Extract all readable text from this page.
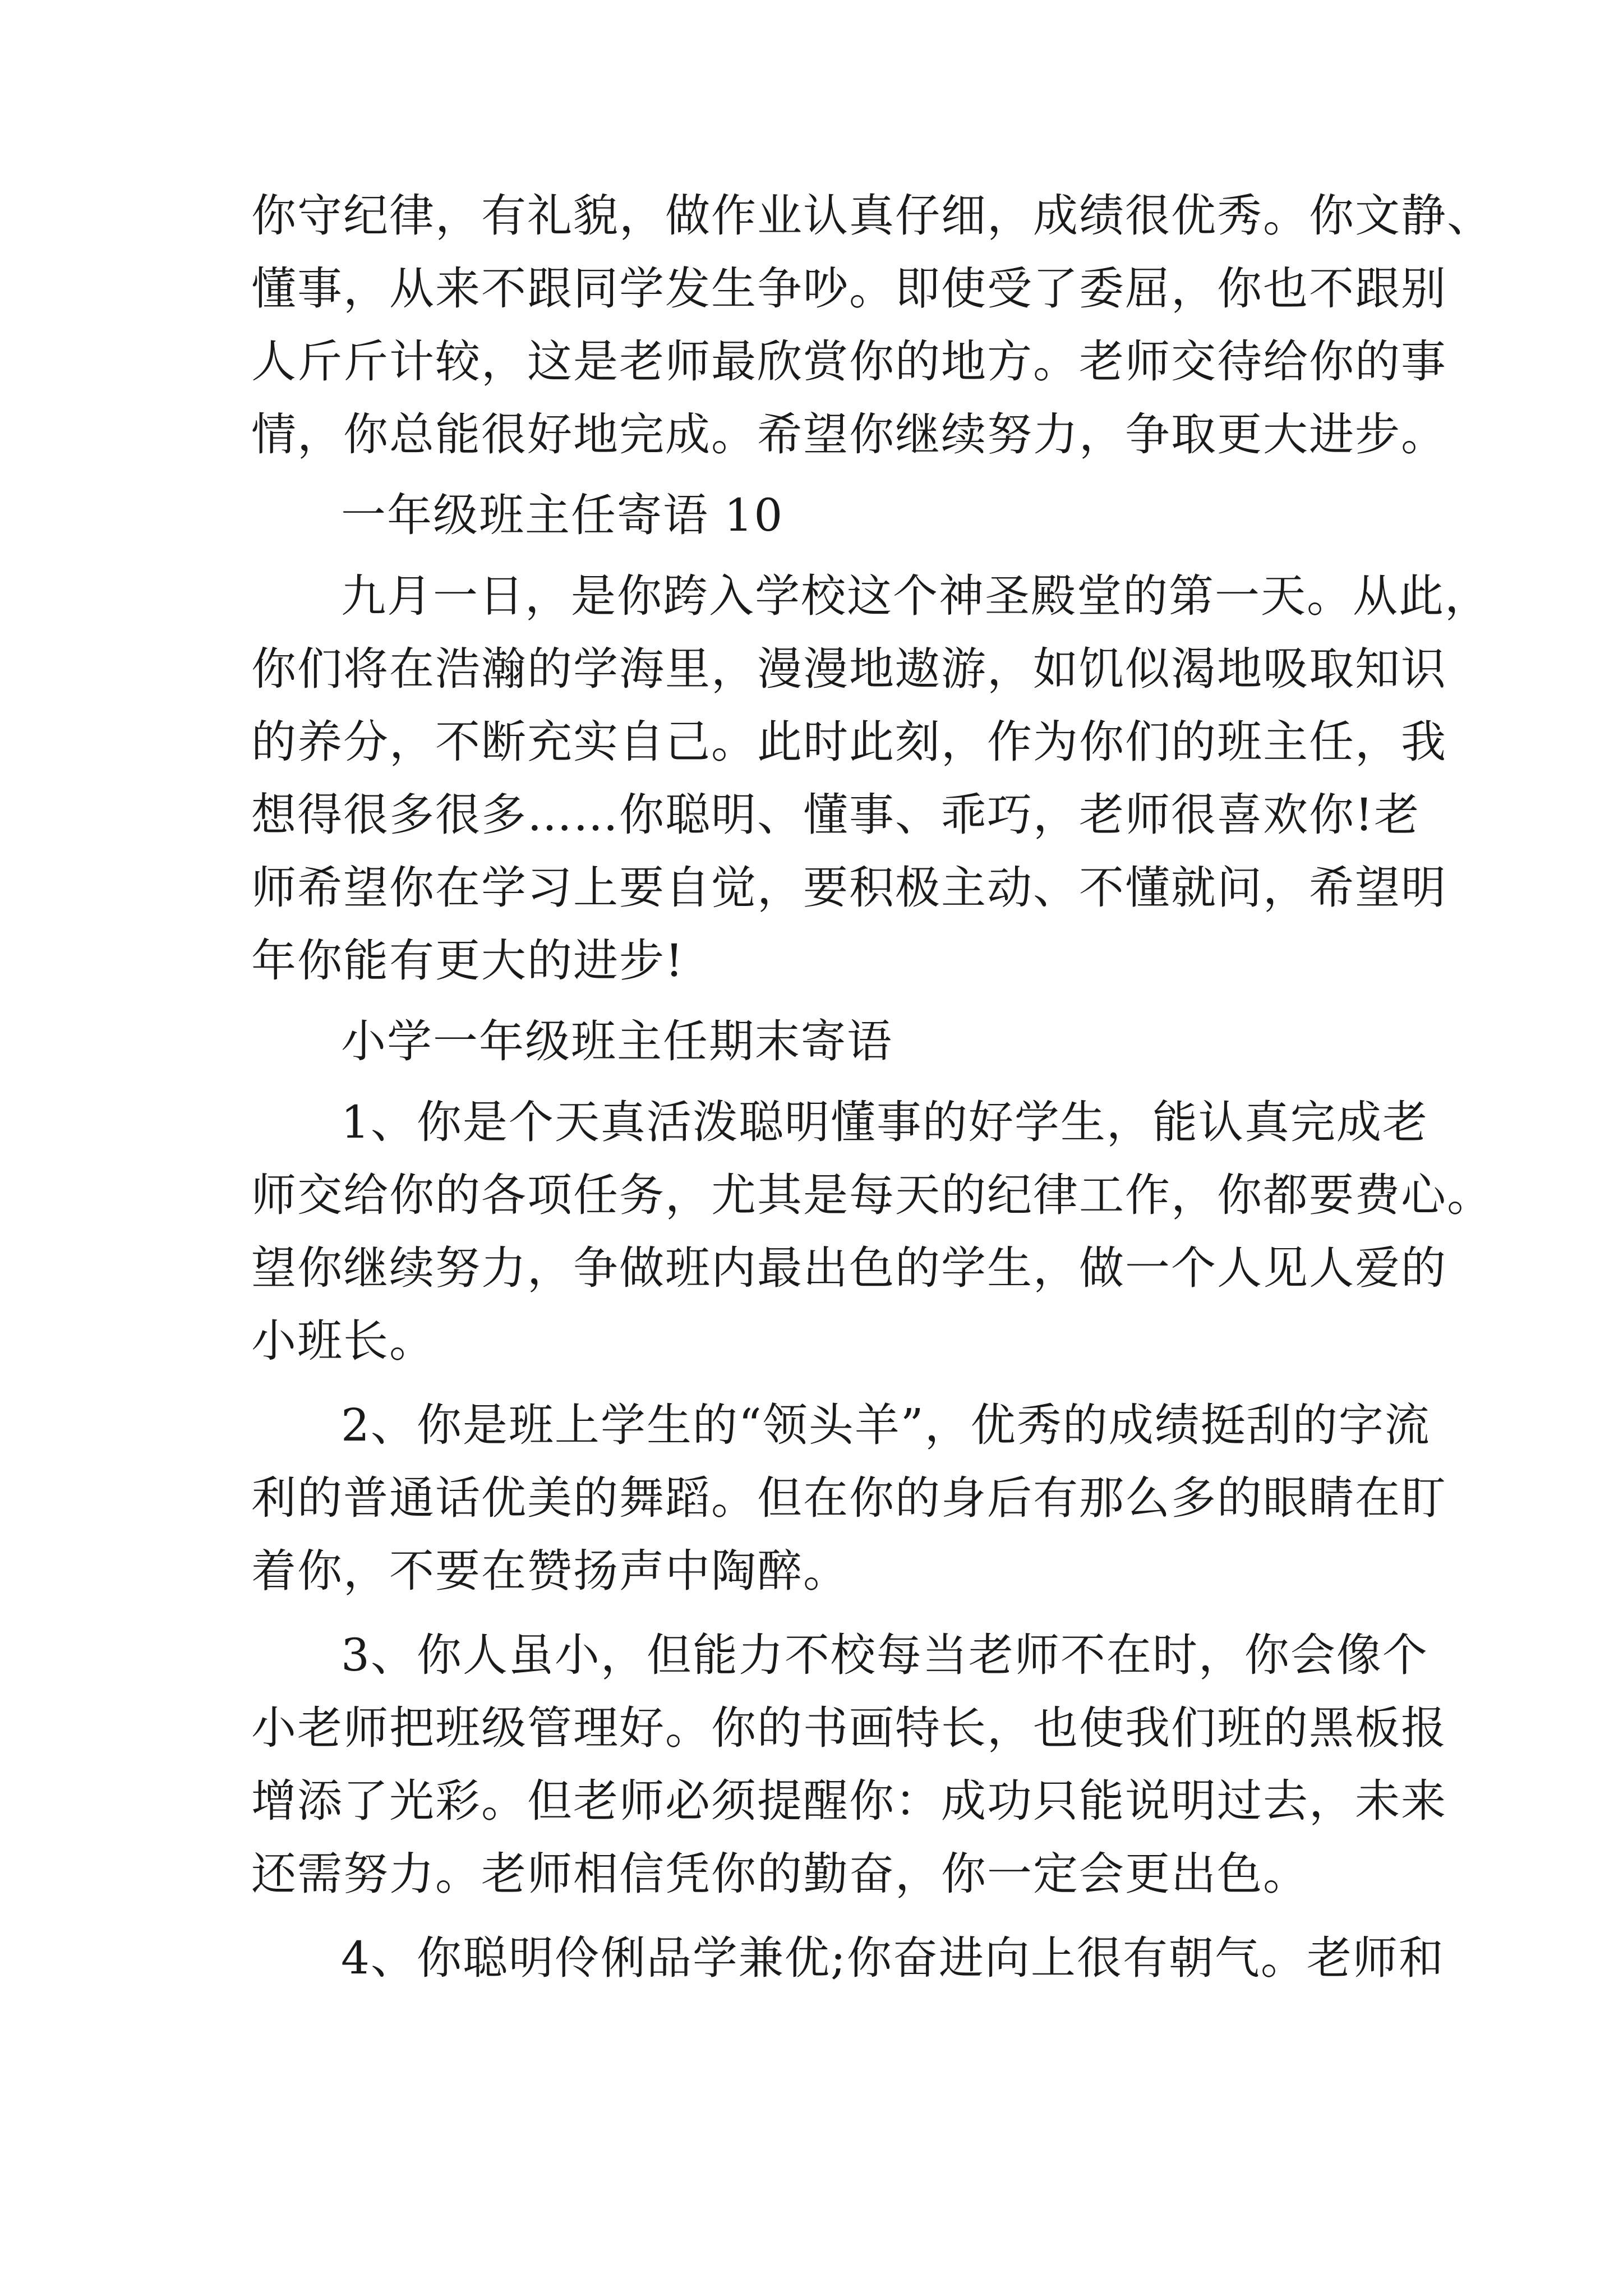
你守纪律，有礼貌，做作业认真仔细，成绩很优秀。你文静、
懂事，从来不跟同学发生争吵。即使受了委屈，你也不跟别
人斤斤计较，这是老师最欣赏你的地方。老师交待给你的事
情，你总能很好地完成。希望你继续努力，争取更大进步。
一年级班主任寄语 10
九月一日，是你跨入学校这个神圣殿堂的第一天。从此，
你们将在浩瀚的学海里，漫漫地遨游，如饥似渴地吸取知识
的养分，不断充实自己。此时此刻，作为你们的班主任，我
想得很多很多……你聪明、懂事、乖巧，老师很喜欢你!老
师希望你在学习上要自觉，要积极主动、不懂就问，希望明
年你能有更大的进步!
小学一年级班主任期末寄语
1、你是个天真活泼聪明懂事的好学生，能认真完成老
师交给你的各项任务，尤其是每天的纪律工作，你都要费心。
望你继续努力，争做班内最出色的学生，做一个人见人爱的
小班长。
2、你是班上学生的“领头羊”，优秀的成绩挺刮的字流
利的普通话优美的舞蹈。但在你的身后有那么多的眼睛在盯
着你，不要在赞扬声中陶醉。
3、你人虽小，但能力不校每当老师不在时，你会像个
小老师把班级管理好。你的书画特长，也使我们班的黑板报
增添了光彩。但老师必须提醒你：成功只能说明过去，未来
还需努力。老师相信凭你的勤奋，你一定会更出色。
4、你聪明伶俐品学兼优;你奋进向上很有朝气。老师和
